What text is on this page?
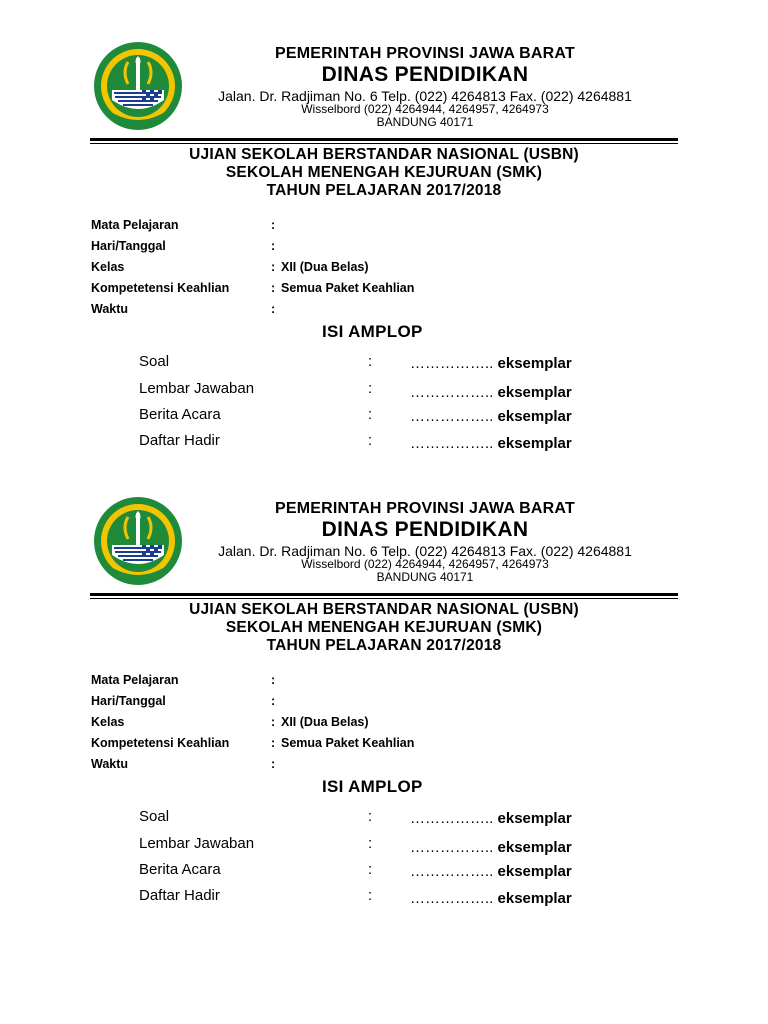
PEMERINTAH PROVINSI JAWA BARAT
DINAS PENDIDIKAN
Jalan. Dr. Radjiman No. 6 Telp. (022) 4264813 Fax. (022) 4264881
Wisselbord (022) 4264944, 4264957, 4264973
BANDUNG 40171
UJIAN SEKOLAH BERSTANDAR NASIONAL (USBN)
SEKOLAH MENENGAH KEJURUAN (SMK)
TAHUN PELAJARAN 2017/2018
Mata Pelajaran	:
Hari/Tanggal	:
Kelas	: XII (Dua Belas)
Kompetetensi Keahlian	: Semua Paket Keahlian
Waktu	:
ISI AMPLOP
Soal	:	…………….. eksemplar
Lembar Jawaban	:	…………….. eksemplar
Berita Acara	:	…………….. eksemplar
Daftar Hadir	:	…………….. eksemplar
PEMERINTAH PROVINSI JAWA BARAT
DINAS PENDIDIKAN
Jalan. Dr. Radjiman No. 6 Telp. (022) 4264813 Fax. (022) 4264881
Wisselbord (022) 4264944, 4264957, 4264973
BANDUNG 40171
UJIAN SEKOLAH BERSTANDAR NASIONAL (USBN)
SEKOLAH MENENGAH KEJURUAN (SMK)
TAHUN PELAJARAN 2017/2018
Mata Pelajaran	:
Hari/Tanggal	:
Kelas	: XII (Dua Belas)
Kompetetensi Keahlian	: Semua Paket Keahlian
Waktu	:
ISI AMPLOP
Soal	:	…………….. eksemplar
Lembar Jawaban	:	…………….. eksemplar
Berita Acara	:	…………….. eksemplar
Daftar Hadir	:	…………….. eksemplar
